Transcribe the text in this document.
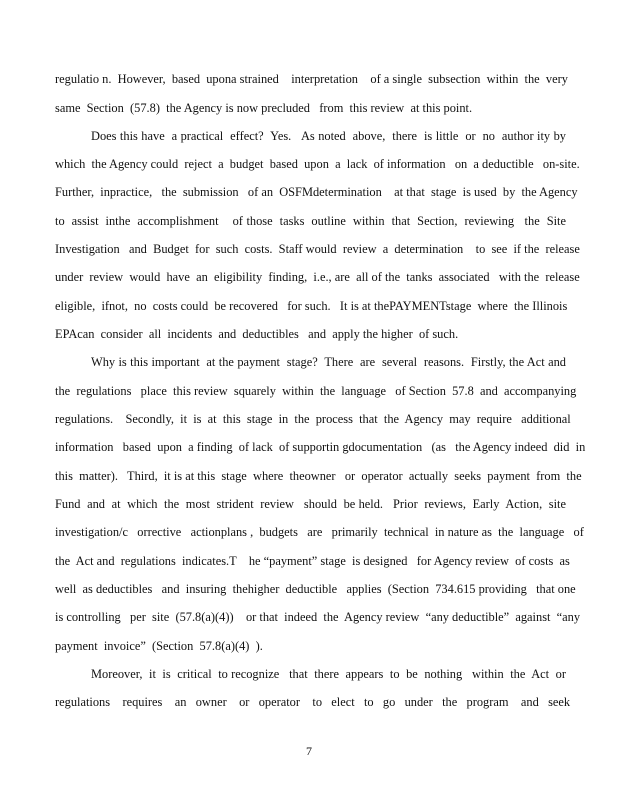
regulatio n.  However,  based  upona strained    interpretation    of a single  subsection  within  the  very
same  Section  (57.8)  the Agency is now precluded   from  this review  at this point.
Does this have  a practical  effect?  Yes.   As noted  above,  there  is little  or  no  author ity by
which  the Agency could  reject  a  budget  based  upon  a  lack  of information   on  a deductible   on-site.
Further,  inpractice,   the  submission   of an  OSFMdetermination    at that  stage  is used  by  the Agency
to  assist  inthe  accomplishment    of those  tasks  outline  within  that  Section,  reviewing   the  Site
Investigation   and  Budget  for  such  costs.  Staff would  review  a  determination    to  see  if the  release
under  review  would  have  an  eligibility  finding,  i.e., are  all of the  tanks  associated   with the  release
eligible,  ifnot,  no  costs could  be recovered   for such.   It is at thePAYMENTstage  where  the Illinois
EPAcan  consider  all  incidents  and  deductibles   and  apply the higher  of such.
Why is this important  at the payment  stage?  There  are  several  reasons.  Firstly, the Act and
the  regulations   place  this review  squarely  within  the  language   of Section  57.8  and  accompanying
regulations.    Secondly,  it  is  at  this  stage  in  the  process  that  the  Agency  may  require   additional
information   based  upon  a finding  of lack  of supportin gdocumentation   (as   the Agency indeed  did  in
this  matter).   Third,  it is at this  stage  where  theowner   or  operator  actually  seeks  payment  from  the
Fund  and  at  which  the  most  strident  review   should  be held.   Prior  reviews,  Early  Action,  site
investigation/c   orrective   actionplans ,  budgets   are   primarily  technical  in nature as  the  language   of
the  Act and  regulations  indicates.T    he “payment” stage  is designed   for Agency review  of costs  as
well  as deductibles   and  insuring  thehigher  deductible   applies  (Section  734.615 providing   that one
is controlling   per  site  (57.8(a)(4))    or that  indeed  the  Agency review  “any deductible”  against  “any
payment  invoice”  (Section  57.8(a)(4)  ).
Moreover,  it  is  critical  to recognize   that  there  appears  to  be  nothing   within  the  Act  or
regulations    requires    an   owner    or   operator    to   elect   to   go   under   the   program    and   seek
7
